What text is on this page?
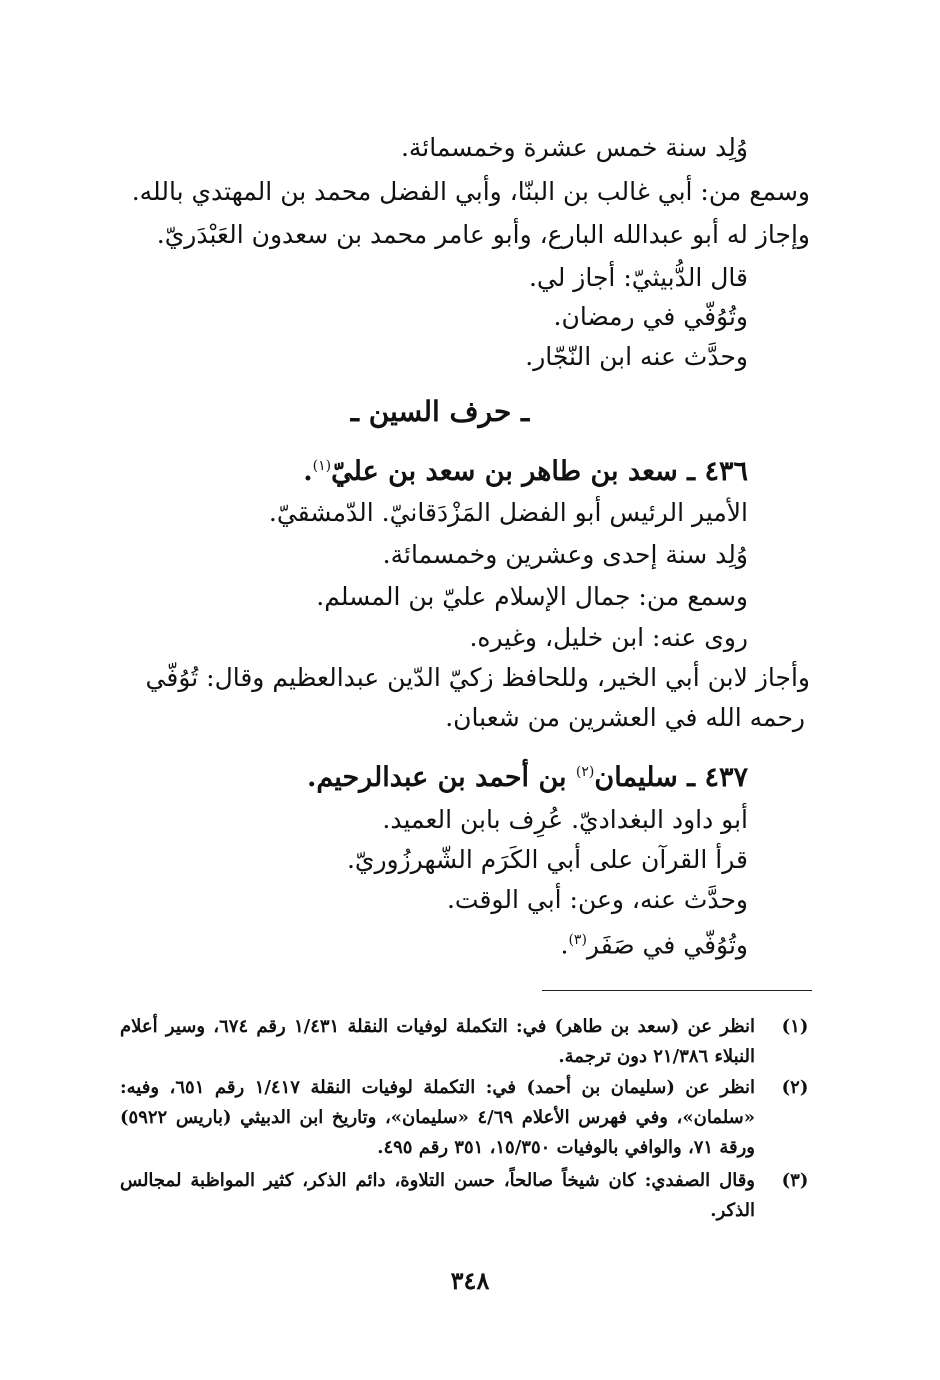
وُلِد سنة خمس عشرة وخمسمائة.
وسمع من: أبي غالب بن البنّا، وأبي الفضل محمد بن المهتدي بالله.
وإجاز له أبو عبدالله البارع، وأبو عامر محمد بن سعدون العَبْدَريّ.
قال الدُّبيثيّ: أجاز لي.
وتُوُفّي في رمضان.
وحدَّث عنه ابن النّجّار.
ـ حرف السين ـ
٤٣٦ ـ سعد بن طاهر بن سعد بن عليّ$^{(١)}$.
الأمير الرئيس أبو الفضل المَزْدَقانيّ. الدّمشقيّ.
وُلِد سنة إحدى وعشرين وخمسمائة.
وسمع من: جمال الإسلام عليّ بن المسلم.
روى عنه: ابن خليل، وغيره.
وأجاز لابن أبي الخير، وللحافظ زكيّ الدّين عبدالعظيم وقال: تُوُفّي
رحمه الله في العشرين من شعبان.
٤٣٧ ـ سليمان$^{(٢)}$ بن أحمد بن عبدالرحيم.
أبو داود البغداديّ. عُرِف بابن العميد.
قرأ القرآن على أبي الكَرَم الشّهرزُوريّ.
وحدَّث عنه، وعن: أبي الوقت.
وتُوُفّي في صَفَر$^{(٣)}$.
(١)
انظر عن (سعد بن طاهر) في: التكملة لوفيات النقلة ١/٤٣١ رقم ٦٧٤، وسير أعلام النبلاء ٢١/٣٨٦ دون ترجمة.
(٢)
انظر عن (سليمان بن أحمد) في: التكملة لوفيات النقلة ١/٤١٧ رقم ٦٥١، وفيه: «سلمان»، وفي فهرس الأعلام ٤/٦٩ «سليمان»، وتاريخ ابن الدبيثي (باريس ٥٩٢٢) ورقة ٧١، والوافي بالوفيات ١٥/٣٥٠، ٣٥١ رقم ٤٩٥.
(٣)
وقال الصفدي: كان شيخاً صالحاً، حسن التلاوة، دائم الذكر، كثير المواظبة لمجالس الذكر.
٣٤٨
